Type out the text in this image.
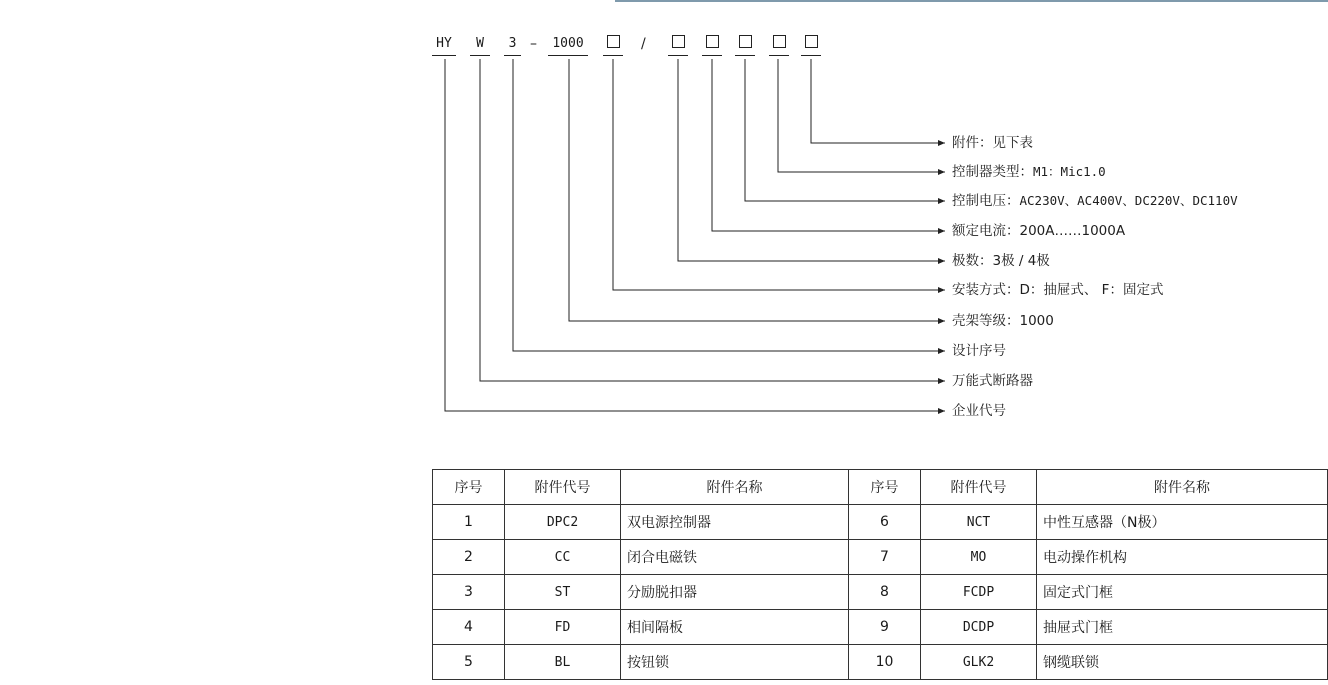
HY	W	3 –	1000	/
附件：见下表
控制器类型：M1：Mic1.0
控制电压：AC230V、AC400V、DC220V、DC110V
额定电流：200A……1000A
极数：3极 / 4极
安装方式：D：抽屉式、 F：固定式
壳架等级：1000
设计序号
万能式断路器
企业代号
序号	附件代号	附件名称	序号	附件代号	附件名称
1	DPC2	双电源控制器	6	NCT	中性互感器（N极）
2	CC	闭合电磁铁	7	MO	电动操作机构
3	ST	分励脱扣器	8	FCDP	固定式门框
4	FD	相间隔板	9	DCDP	抽屉式门框
5	BL	按钮锁	10	GLK2	钢缆联锁
